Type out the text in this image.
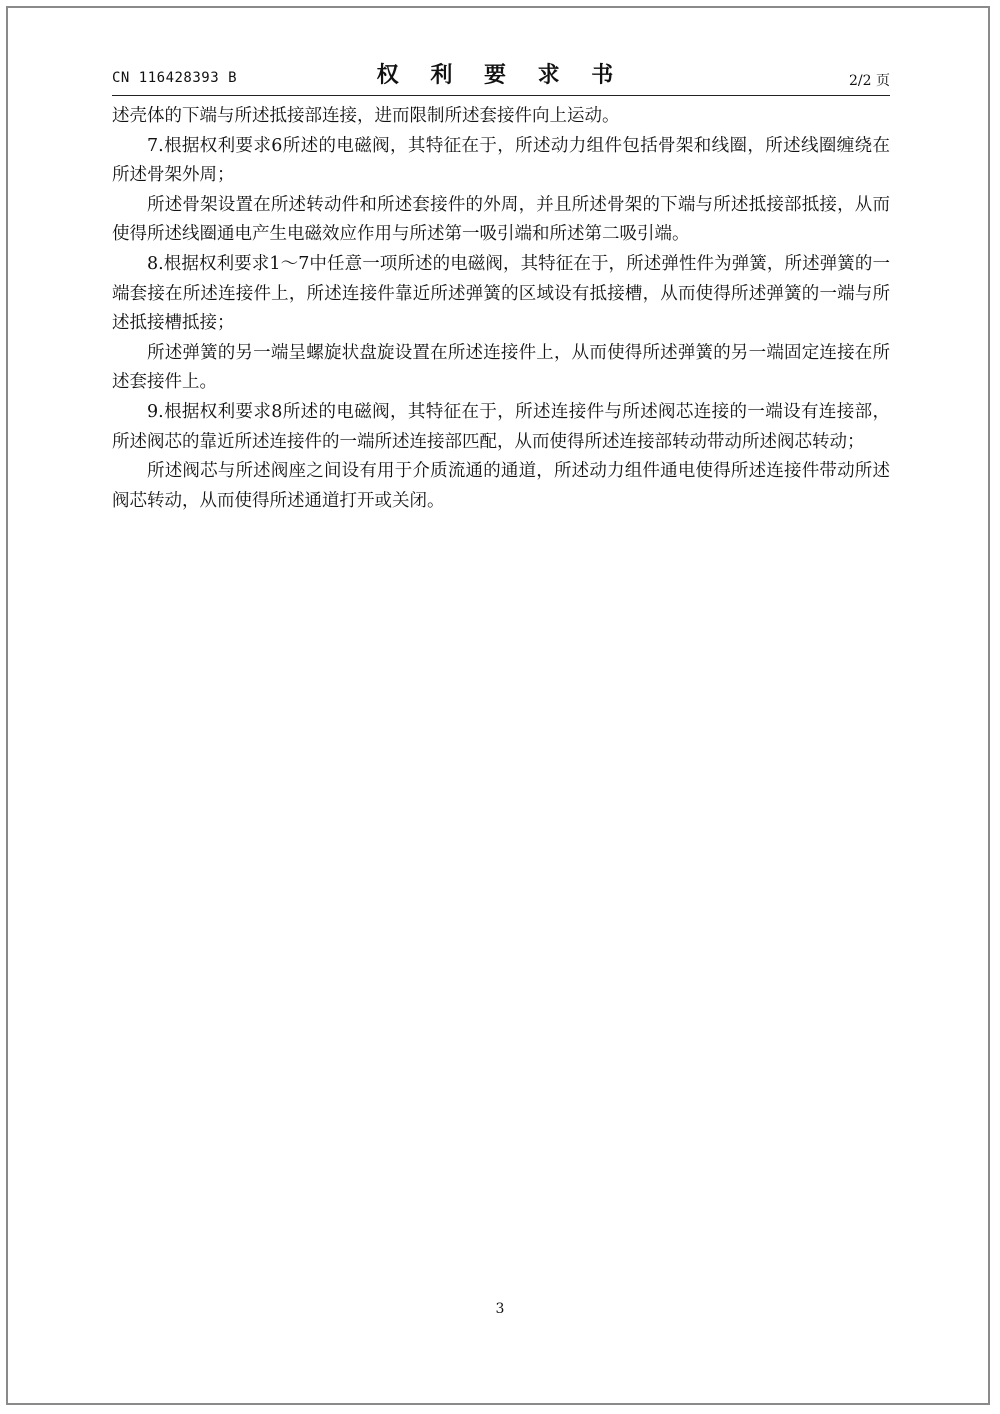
CN 116428393 B	权 利 要 求 书	2/2 页

述壳体的下端与所述抵接部连接，进而限制所述套接件向上运动。

7.根据权利要求6所述的电磁阀，其特征在于，所述动力组件包括骨架和线圈，所述线圈缠绕在所述骨架外周；

所述骨架设置在所述转动件和所述套接件的外周，并且所述骨架的下端与所述抵接部抵接，从而使得所述线圈通电产生电磁效应作用与所述第一吸引端和所述第二吸引端。

8.根据权利要求1～7中任意一项所述的电磁阀，其特征在于，所述弹性件为弹簧，所述弹簧的一端套接在所述连接件上，所述连接件靠近所述弹簧的区域设有抵接槽，从而使得所述弹簧的一端与所述抵接槽抵接；

所述弹簧的另一端呈螺旋状盘旋设置在所述连接件上，从而使得所述弹簧的另一端固定连接在所述套接件上。

9.根据权利要求8所述的电磁阀，其特征在于，所述连接件与所述阀芯连接的一端设有连接部，所述阀芯的靠近所述连接件的一端所述连接部匹配，从而使得所述连接部转动带动所述阀芯转动；

所述阀芯与所述阀座之间设有用于介质流通的通道，所述动力组件通电使得所述连接件带动所述阀芯转动，从而使得所述通道打开或关闭。

3
